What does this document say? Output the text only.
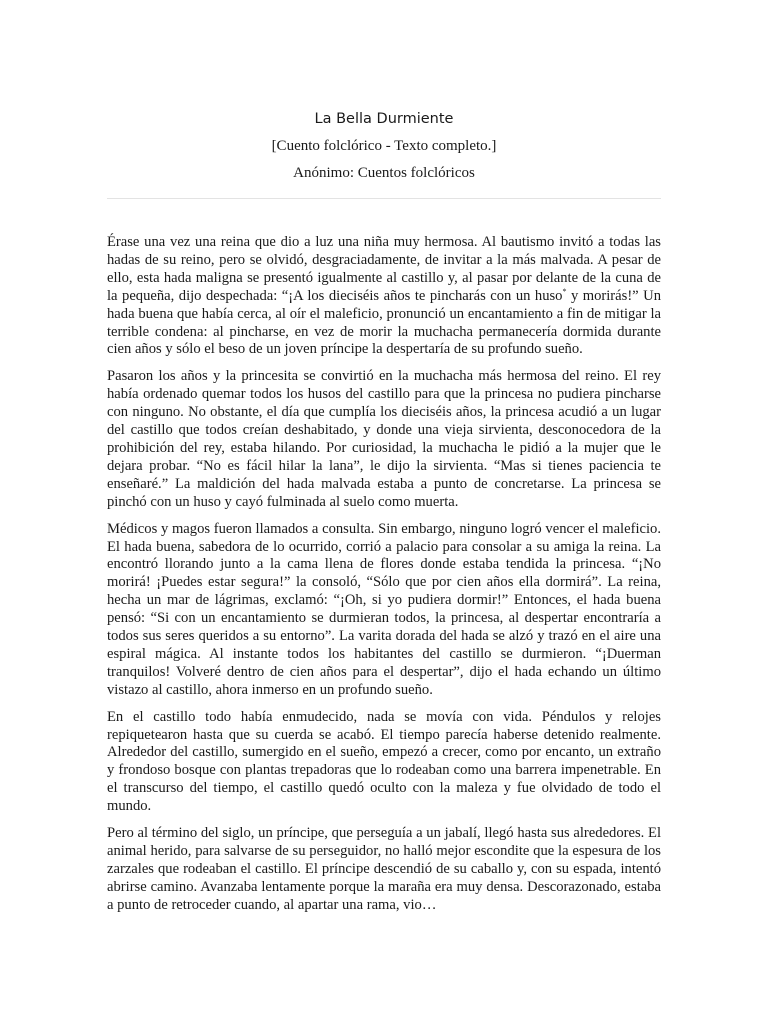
La Bella Durmiente
[Cuento folclórico - Texto completo.]
Anónimo: Cuentos folclóricos

Érase una vez una reina que dio a luz una niña muy hermosa. Al bautismo invitó a todas las hadas de su reino, pero se olvidó, desgraciadamente, de invitar a la más malvada. A pesar de ello, esta hada maligna se presentó igualmente al castillo y, al pasar por delante de la cuna de la pequeña, dijo despechada: “¡A los dieciséis años te pincharás con un huso* y morirás!” Un hada buena que había cerca, al oír el maleficio, pronunció un encantamiento a fin de mitigar la terrible condena: al pincharse, en vez de morir la muchacha permanecería dormida durante cien años y sólo el beso de un joven príncipe la despertaría de su profundo sueño.

Pasaron los años y la princesita se convirtió en la muchacha más hermosa del reino. El rey había ordenado quemar todos los husos del castillo para que la princesa no pudiera pincharse con ninguno. No obstante, el día que cumplía los dieciséis años, la princesa acudió a un lugar del castillo que todos creían deshabitado, y donde una vieja sirvienta, desconocedora de la prohibición del rey, estaba hilando. Por curiosidad, la muchacha le pidió a la mujer que le dejara probar. “No es fácil hilar la lana”, le dijo la sirvienta. “Mas si tienes paciencia te enseñaré.” La maldición del hada malvada estaba a punto de concretarse. La princesa se pinchó con un huso y cayó fulminada al suelo como muerta.

Médicos y magos fueron llamados a consulta. Sin embargo, ninguno logró vencer el maleficio. El hada buena, sabedora de lo ocurrido, corrió a palacio para consolar a su amiga la reina. La encontró llorando junto a la cama llena de flores donde estaba tendida la princesa. “¡No morirá! ¡Puedes estar segura!” la consoló, “Sólo que por cien años ella dormirá”. La reina, hecha un mar de lágrimas, exclamó: “¡Oh, si yo pudiera dormir!” Entonces, el hada buena pensó: “Si con un encantamiento se durmieran todos, la princesa, al despertar encontraría a todos sus seres queridos a su entorno”. La varita dorada del hada se alzó y trazó en el aire una espiral mágica. Al instante todos los habitantes del castillo se durmieron. “¡Duerman tranquilos! Volveré dentro de cien años para el despertar”, dijo el hada echando un último vistazo al castillo, ahora inmerso en un profundo sueño.

En el castillo todo había enmudecido, nada se movía con vida. Péndulos y relojes repiquetearon hasta que su cuerda se acabó. El tiempo parecía haberse detenido realmente. Alrededor del castillo, sumergido en el sueño, empezó a crecer, como por encanto, un extraño y frondoso bosque con plantas trepadoras que lo rodeaban como una barrera impenetrable. En el transcurso del tiempo, el castillo quedó oculto con la maleza y fue olvidado de todo el mundo.

Pero al término del siglo, un príncipe, que perseguía a un jabalí, llegó hasta sus alrededores. El animal herido, para salvarse de su perseguidor, no halló mejor escondite que la espesura de los zarzales que rodeaban el castillo. El príncipe descendió de su caballo y, con su espada, intentó abrirse camino. Avanzaba lentamente porque la maraña era muy densa. Descorazonado, estaba a punto de retroceder cuando, al apartar una rama, vio…
